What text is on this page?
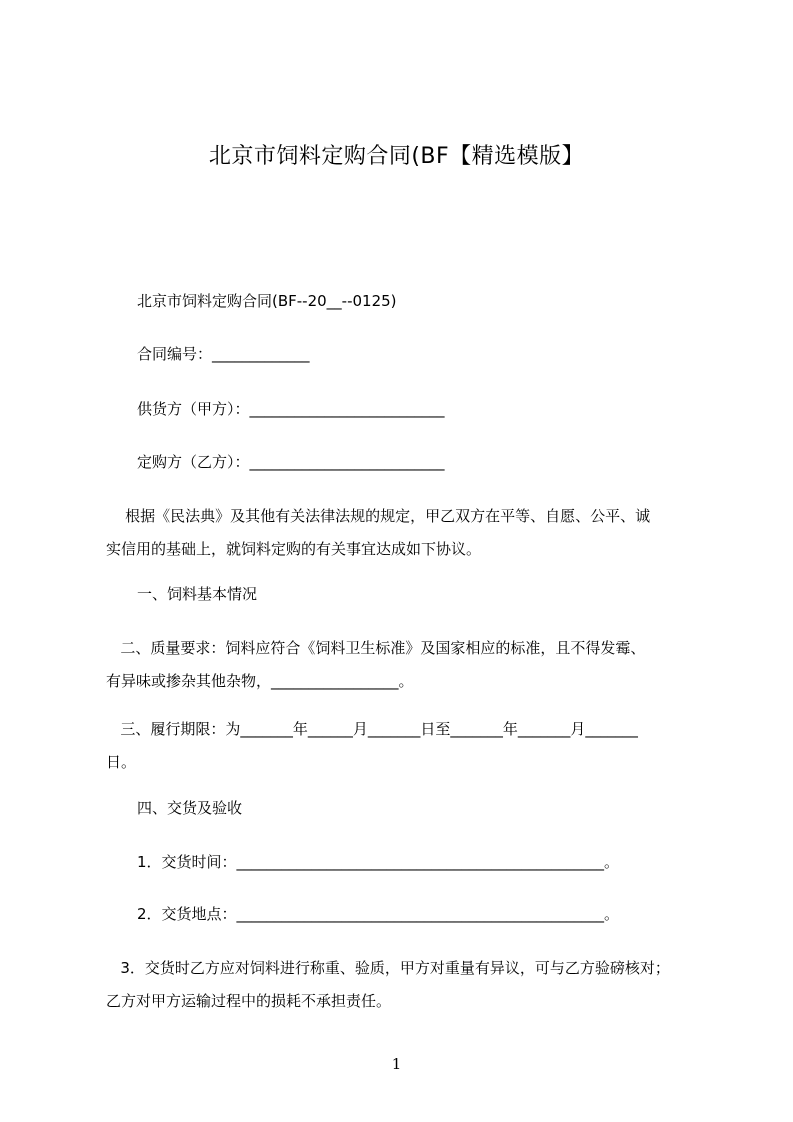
北京市饲料定购合同(BF【精选模版】
北京市饲料定购合同(BF--20__--0125)
合同编号：_____________
供货方（甲方）：__________________________
定购方（乙方）：__________________________
根据《民法典》及其他有关法律法规的规定，甲乙双方在平等、自愿、公平、诚
实信用的基础上，就饲料定购的有关事宜达成如下协议。
一、饲料基本情况
二、质量要求：饲料应符合《饲料卫生标准》及国家相应的标准，且不得发霉、
有异味或掺杂其他杂物，_________________。
三、履行期限：为_______年______月_______日至_______年_______月_______
日。
四、交货及验收
1．交货时间：_________________________________________________。
2．交货地点：_________________________________________________。
3．交货时乙方应对饲料进行称重、验质，甲方对重量有异议，可与乙方验磅核对；
乙方对甲方运输过程中的损耗不承担责任。
1
